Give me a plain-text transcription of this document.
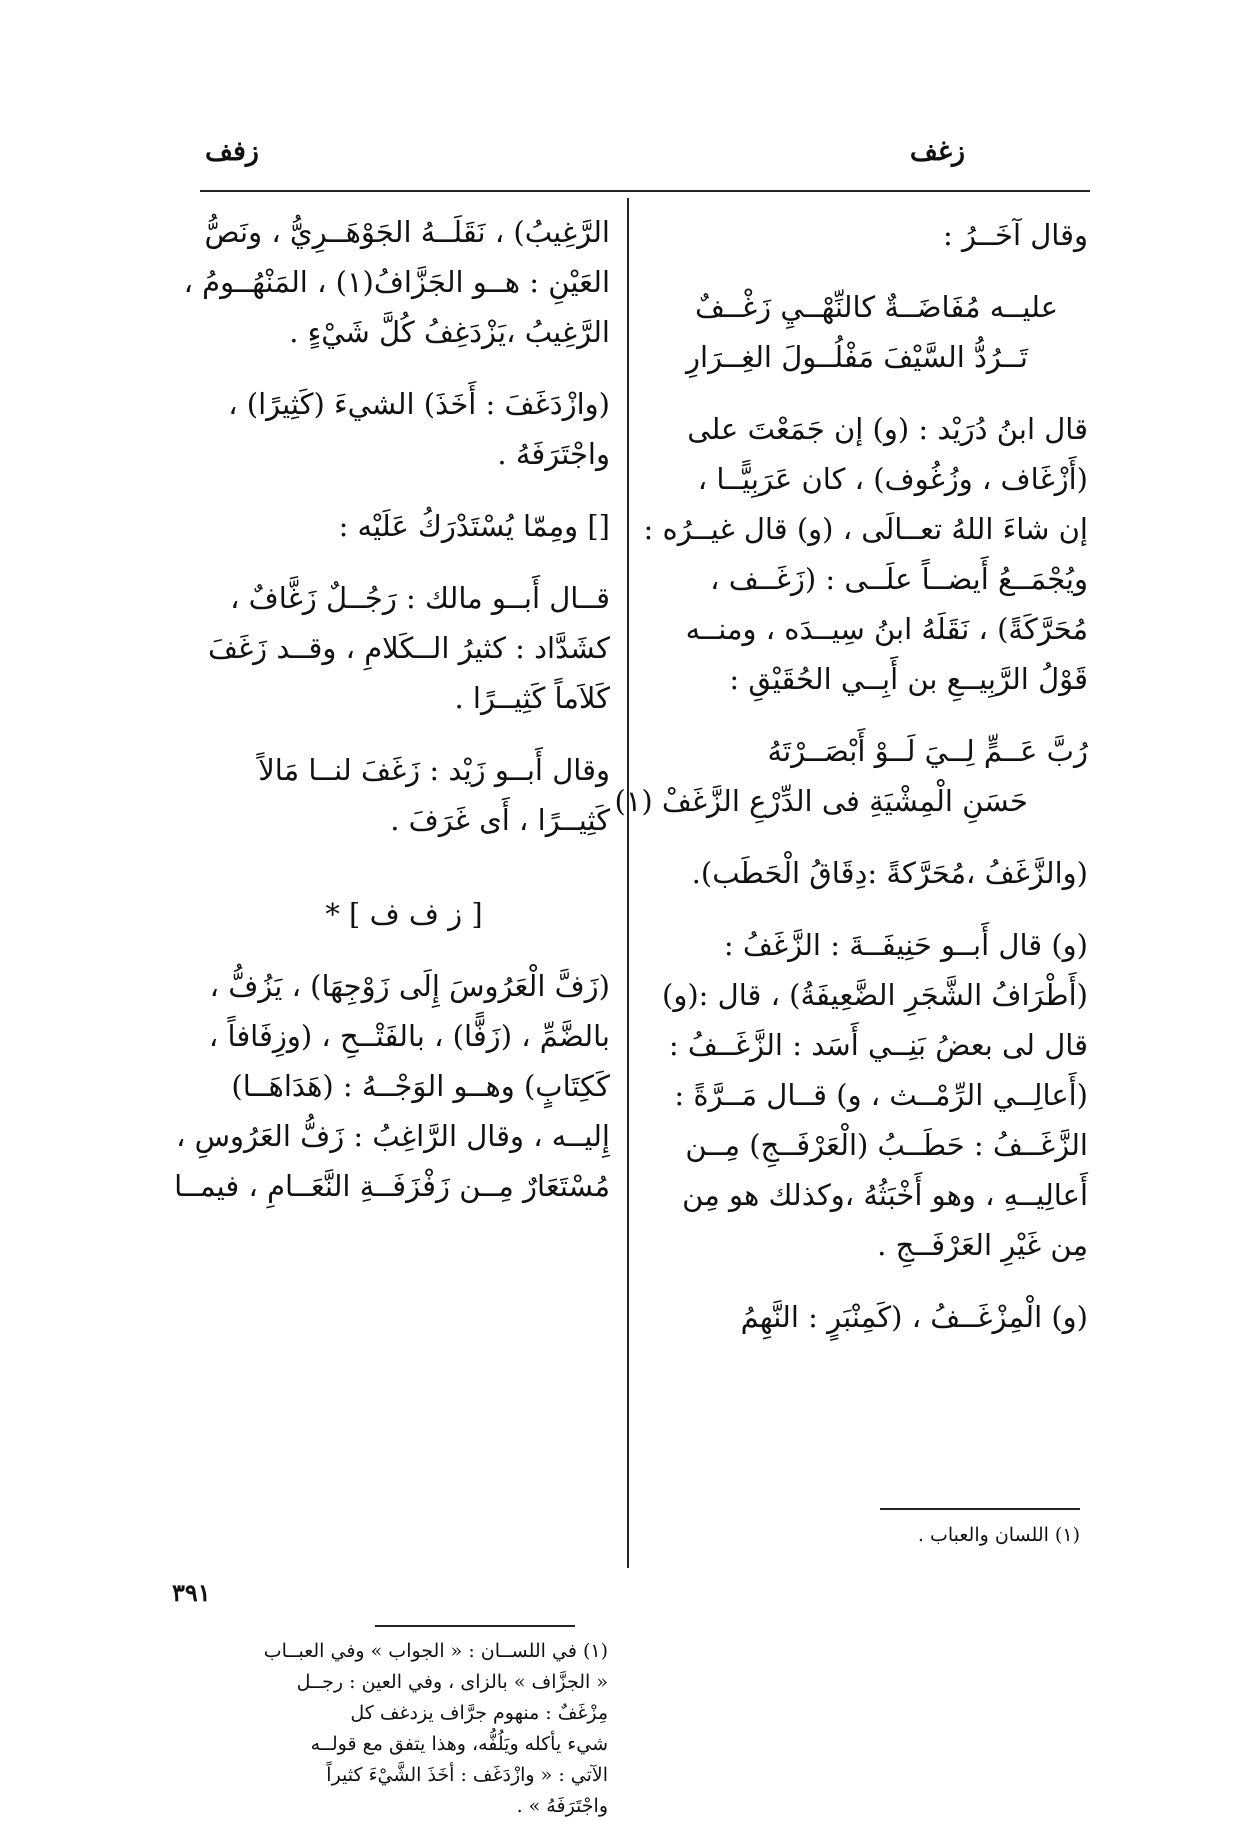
زغف
زفف
وقال آخَــرُ :
عليــه مُفَاضَــةٌ كالنِّهْــيِ زَغْــفٌ
تَــرُدُّ السَّيْفَ مَفْلُــولَ الغِــرَارِ
قال ابنُ دُرَيْد : (و) إن جَمَعْتَ على
(أَزْغَاف ، وزُغُوف) ، كان عَرَبِيًّــا ،
إن شاءَ اللهُ تعــالَى ، (و) قال غيــرُه :
ويُجْمَــعُ أَيضــاً علَــى : (زَغَــف ،
مُحَرَّكَةً) ، نَقَلَهُ ابنُ سِيــدَه ، ومنــه
قَوْلُ الرَّبِيــعِ بن أَبِــي الحُقَيْقِ :
رُبَّ عَــمٍّ لِــيَ لَــوْ أَبْصَــرْتَهُ
حَسَنِ الْمِشْيَةِ فى الدِّرْعِ الزَّغَفْ (١)
(والزَّغَفُ ،مُحَرَّكةً :دِقَاقُ الْحَطَب).
(و) قال أَبــو حَنِيفَــةَ : الزَّغَفُ :
(أَطْرَافُ الشَّجَرِ الضَّعِيفَةُ) ، قال :(و)
قال لى بعضُ بَنِــي أَسَد : الزَّغَــفُ :
(أَعالِــي الرِّمْــث ، و) قــال مَــرَّةً :
الزَّغَــفُ : حَطَــبُ (الْعَرْفَــجِ) مِــن
أَعالِيــهِ ، وهو أَخْبَثُهُ ،وكذلك هو مِن
مِن غَيْرِ العَرْفَــجِ .
(و) الْمِزْغَــفُ ، (كَمِنْبَرٍ : النَّهِمُ
الرَّغِيبُ) ، نَقَلَــهُ الجَوْهَــرِيُّ ، ونَصُّ
العَيْنِ : هــو الجَزَّافُ(١) ، المَنْهُــومُ ،
الرَّغِيبُ ،يَزْدَغِفُ كُلَّ شَيْءٍ .
(وازْدَغَفَ : أَخَذَ) الشيءَ (كَثِيرًا) ،
واجْتَرَفَهُ .
[] ومِمّا يُسْتَدْرَكُ عَلَيْه :
قــال أَبــو مالك : رَجُــلٌ زَغَّافٌ ،
كشَدَّاد : كثيرُ الــكَلامِ ، وقــد زَغَفَ
كَلاَماً كَثِيــرًا .
وقال أَبــو زَيْد : زَغَفَ لنــا مَالاً
كَثِيــرًا ، أَى غَرَفَ .
[ ز ف ف ] *
(زَفَّ الْعَرُوسَ إِلَى زَوْجِهَا) ، يَزُفُّ ،
بالضَّمِّ ، (زَفًّا) ، بالفَتْــحِ ، (وزِفَافاً ،
كَكِتَابٍ) وهــو الوَجْــهُ : (هَدَاهَــا)
إِليــه ، وقال الرَّاغِبُ : زَفُّ العَرُوسِ ،
مُسْتَعَارٌ مِــن زَفْزَفَــةِ النَّعَــامِ ، فيمــا
(١) اللسان والعباب .
(١) في اللســان : « الجواب » وفي العبــاب
« الجزَّاف » بالزاى ، وفي العين : رجــل
مِزْغَفٌ : منهوم جرَّاف يزدغف كل
شيء يأكله ويَلُفُّه، وهذا يتفق مع قولــه
الآتي : « وازْدَغَف : أخَذَ الشَّيْءَ كثيراً
واجْتَرَفَهُ » .
٣٩١
